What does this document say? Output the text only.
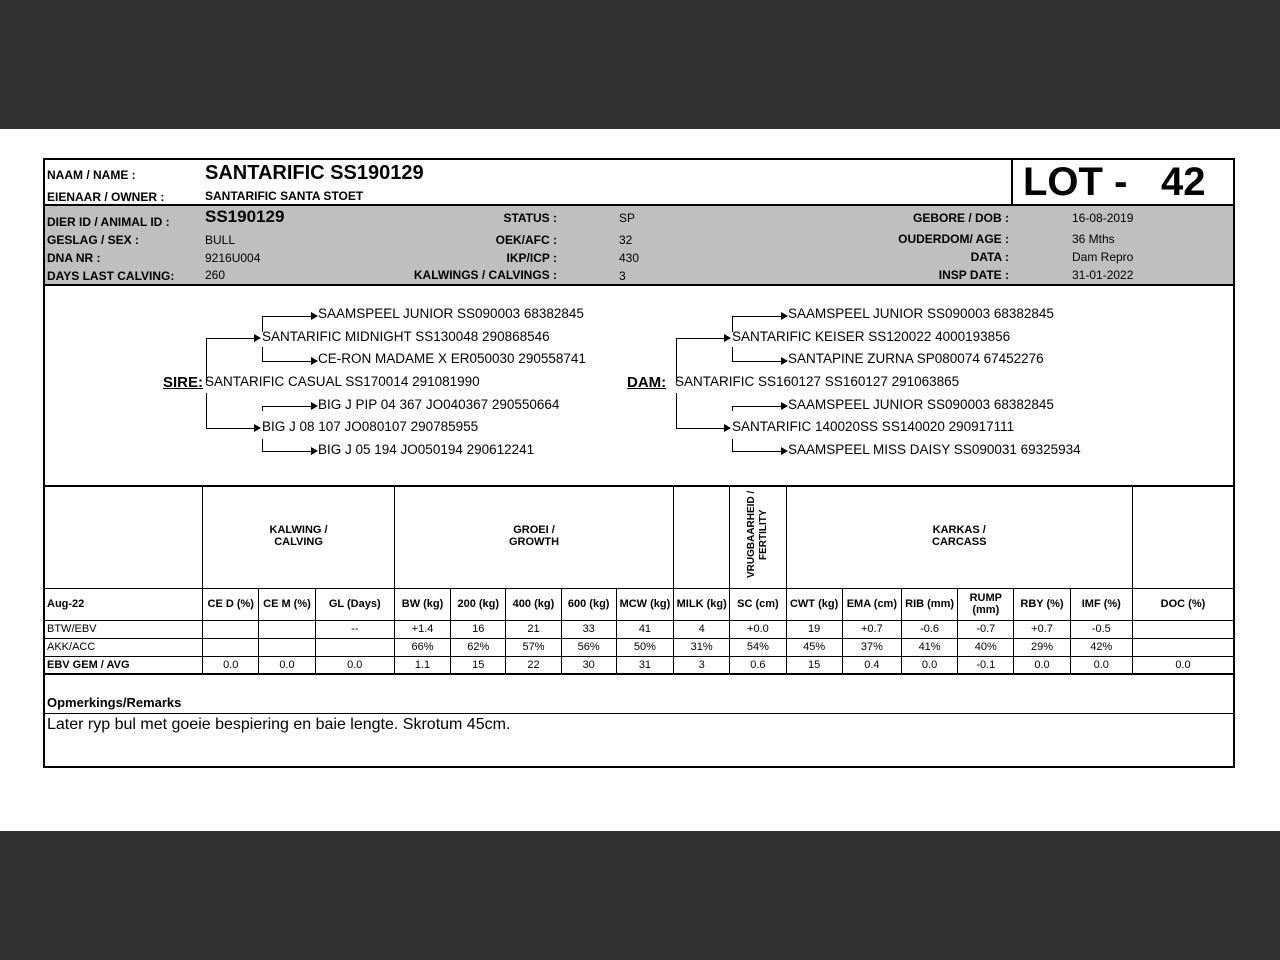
NAAM / NAME :	SANTARIFIC SS190129
EIENAAR / OWNER :	SANTARIFIC SANTA STOET	LOT - 42
DIER ID / ANIMAL ID : SS190129
GESLAG / SEX :	BULL
DNA NR :	9216U004
DAYS LAST CALVING:	260
STATUS :	SP
OEK/AFC :	32
IKP/ICP :	430
KALWINGS / CALVINGS :	3
GEBORE / DOB :	16-08-2019
OUDERDOM/ AGE :	36 Mths
DATA :	Dam Repro
INSP DATE :	31-01-2022
SAAMSPEEL JUNIOR SS090003 68382845
SANTARIFIC MIDNIGHT SS130048 290868546
CE-RON MADAME X ER050030 290558741
SIRE: SANTARIFIC CASUAL SS170014 291081990
BIG J PIP 04 367 JO040367 290550664
BIG J 08 107 JO080107 290785955
BIG J 05 194 JO050194 290612241
SAAMSPEEL JUNIOR SS090003 68382845
SANTARIFIC KEISER SS120022 4000193856
SANTAPINE ZURNA SP080074 67452276
DAM: SANTARIFIC SS160127 SS160127 291063865
SAAMSPEEL JUNIOR SS090003 68382845
SANTARIFIC 140020SS SS140020 290917111
SAAMSPEEL MISS DAISY SS090031 69325934
	KALWING / CALVING			GROEI / GROWTH						VRUGBAARHEID / FERTILITY	KARKAS / CARCASS						
Aug-22	CE D (%)	CE M (%)	GL (Days)	BW (kg)	200 (kg)	400 (kg)	600 (kg)	MCW (kg)	MILK (kg)	SC (cm)	CWT (kg)	EMA (cm)	RIB (mm)	RUMP (mm)	RBY (%)	IMF (%)	DOC (%)
BTW/EBV			--	+1.4	16	21	33	41	4	+0.0	19	+0.7	-0.6	-0.7	+0.7	-0.5	
AKK/ACC				66%	62%	57%	56%	50%	31%	54%	45%	37%	41%	40%	29%	42%	
EBV GEM / AVG	0.0	0.0	0.0	1.1	15	22	30	31	3	0.6	15	0.4	0.0	-0.1	0.0	0.0	0.0
Opmerkings/Remarks
Later ryp bul met goeie bespiering en baie lengte. Skrotum 45cm.
